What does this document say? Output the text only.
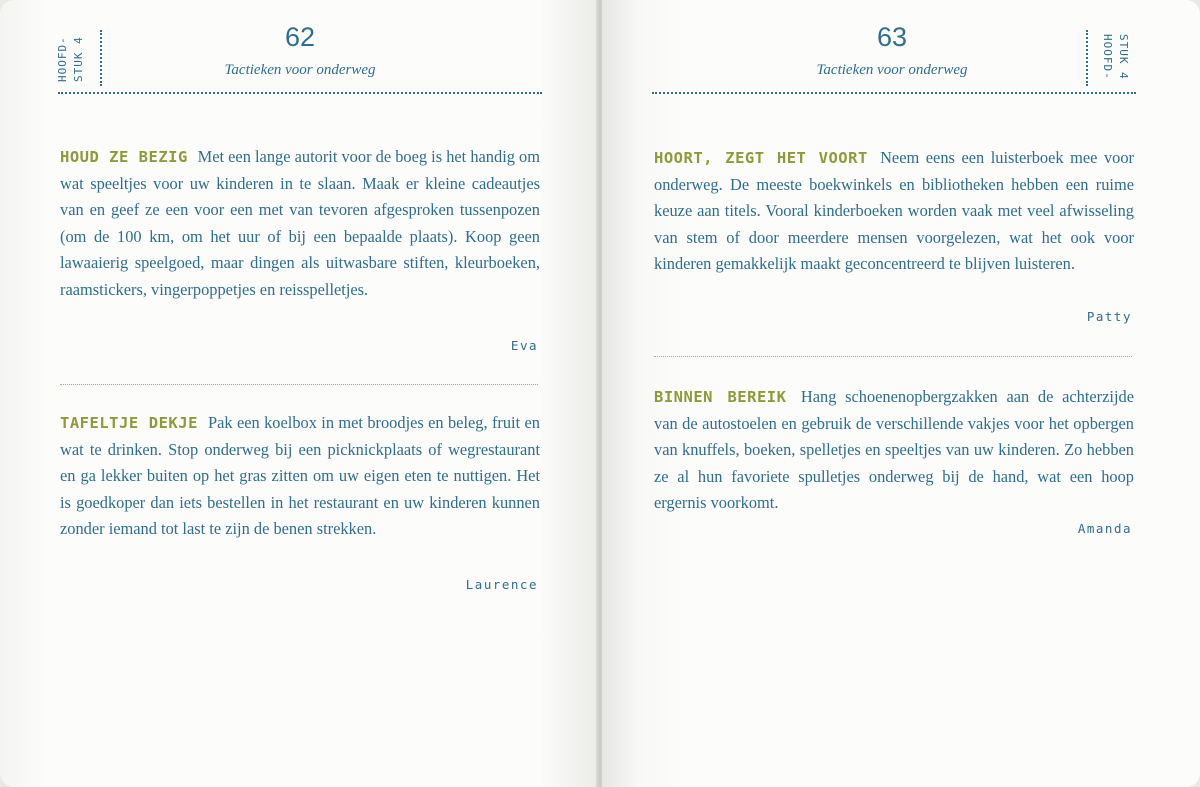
HOOFD- STUK 4	62
Tactieken voor onderweg
HOUD ZE BEZIG Met een lange autorit voor de boeg is het handig om wat speeltjes voor uw kinderen in te slaan. Maak er kleine cadeautjes van en geef ze een voor een met van tevoren afgesproken tussenpozen (om de 100 km, om het uur of bij een bepaalde plaats). Koop geen lawaaierig speelgoed, maar dingen als uitwasbare stiften, kleurboeken, raamstickers, vingerpoppetjes en reisspelletjes.
Eva
TAFELTJE DEKJE Pak een koelbox in met broodjes en beleg, fruit en wat te drinken. Stop onderweg bij een picknickplaats of wegrestaurant en ga lekker buiten op het gras zitten om uw eigen eten te nuttigen. Het is goedkoper dan iets bestellen in het restaurant en uw kinderen kunnen zonder iemand tot last te zijn de benen strekken.
Laurence
HOOFD- STUK 4
63
Tactieken voor onderweg
HOORT, ZEGT HET VOORT Neem eens een luisterboek mee voor onderweg. De meeste boekwinkels en bibliotheken hebben een ruime keuze aan titels. Vooral kinderboeken worden vaak met veel afwisseling van stem of door meerdere mensen voorgelezen, wat het ook voor kinderen gemakkelijk maakt geconcentreerd te blijven luisteren.
Patty
BINNEN BEREIK Hang schoenenopbergzakken aan de achterzijde van de autostoelen en gebruik de verschillende vakjes voor het opbergen van knuffels, boeken, spelletjes en speeltjes van uw kinderen. Zo hebben ze al hun favoriete spulletjes onderweg bij de hand, wat een hoop ergernis voorkomt.
Amanda
